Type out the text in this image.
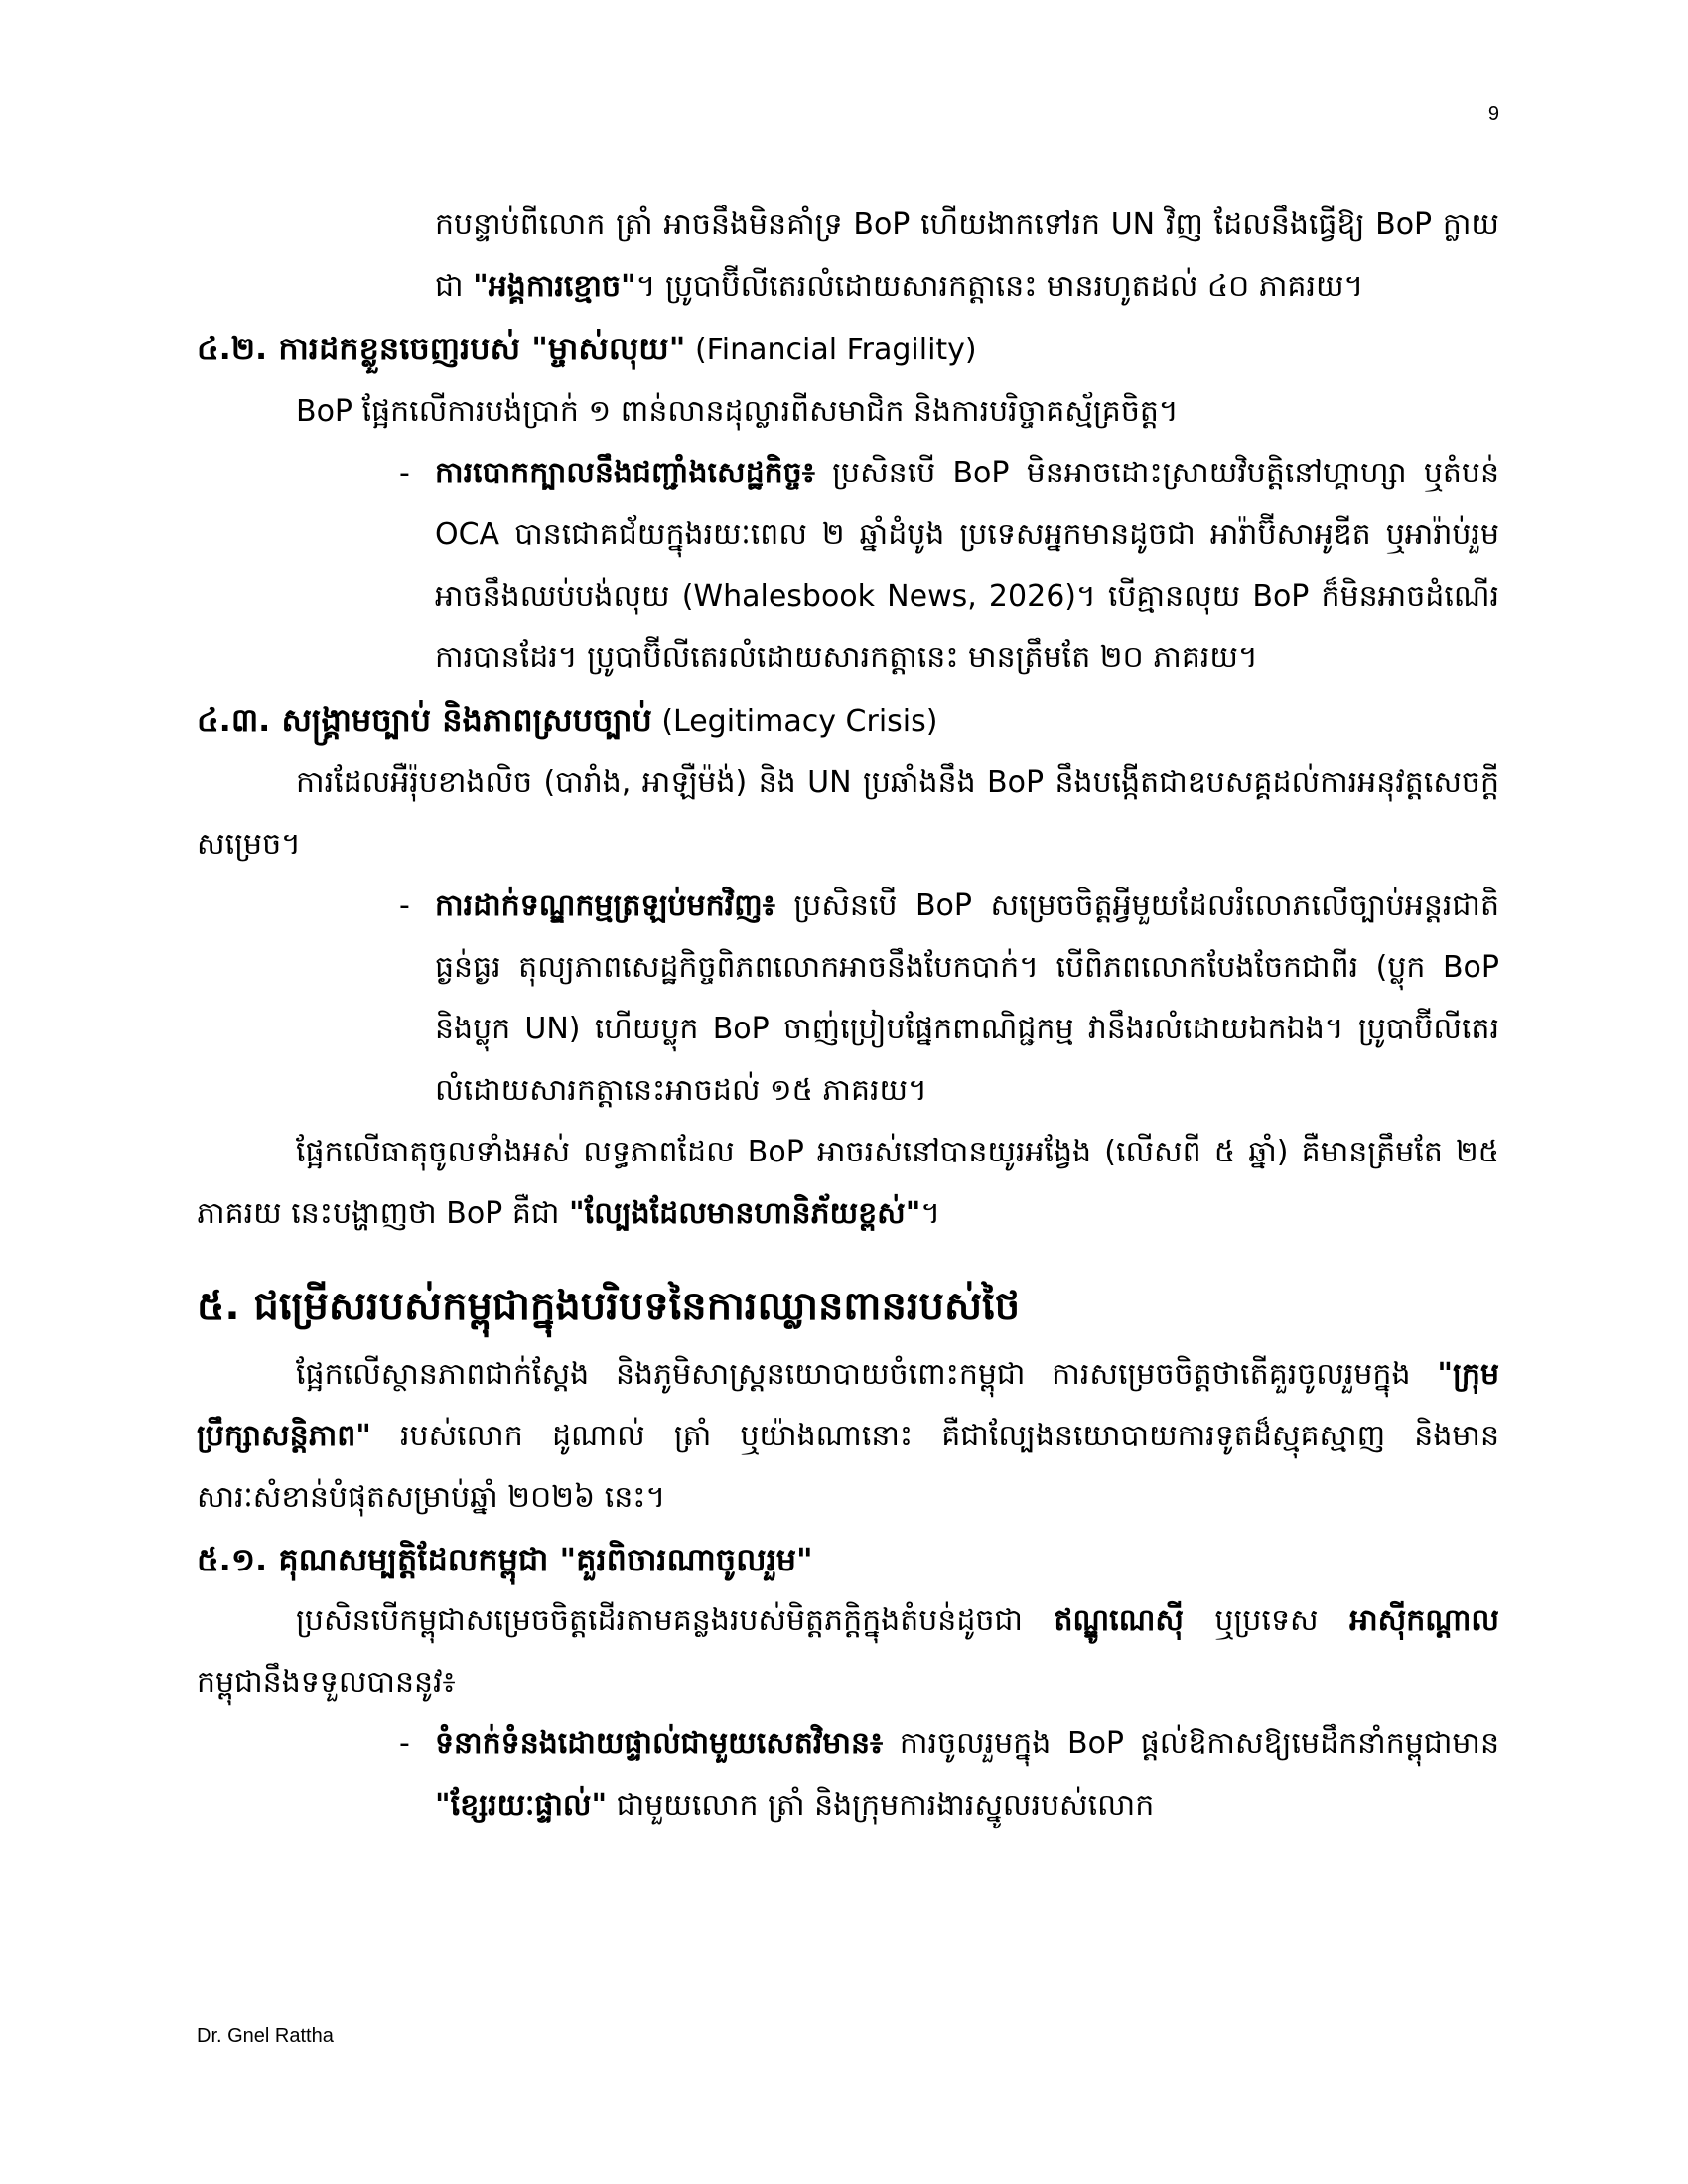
9

កបន្ទាប់ពីលោក ត្រាំ អាចនឹងមិនគាំទ្រ BoP ហើយងាកទៅរក UN វិញ ដែលនឹងធ្វើឱ្យ BoP ក្លាយជា "អង្គការខ្មោច"។ ប្រូបាប៊ីលីតេរលំដោយសារកត្តានេះ មានរហូតដល់ ៤០ ភាគរយ។

៤.២. ការដកខ្លួនចេញរបស់ "ម្ចាស់លុយ" (Financial Fragility)

BoP ផ្អែកលើការបង់ប្រាក់ ១ ពាន់លានដុល្លារពីសមាជិក និងការបរិច្ចាគស្ម័គ្រចិត្ត។

- ការបោកក្បាលនឹងជញ្ជាំងសេដ្ឋកិច្ច៖ ប្រសិនបើ BoP មិនអាចដោះស្រាយវិបត្តិនៅហ្គាហ្សា ឬតំបន់ OCA បានជោគជ័យក្នុងរយៈពេល ២ ឆ្នាំដំបូង ប្រទេសអ្នកមានដូចជា អារ៉ាប៊ីសាអូឌីត ឬអារ៉ាប់រួម អាចនឹងឈប់បង់លុយ (Whalesbook News, 2026)។ បើគ្មានលុយ BoP ក៏មិនអាចដំណើរការបានដែរ។ ប្រូបាប៊ីលីតេរលំដោយសារកត្តានេះ មានត្រឹមតែ ២០ ភាគរយ។
៤.៣. សង្គ្រាមច្បាប់ និងភាពស្របច្បាប់ (Legitimacy Crisis)

ការដែលអឺរ៉ុបខាងលិច (បារាំង, អាឡឺម៉ង់) និង UN ប្រឆាំងនឹង BoP នឹងបង្កើតជាឧបសគ្គដល់ការអនុវត្តសេចក្តីសម្រេច។

- ការដាក់ទណ្ឌកម្មត្រឡប់មកវិញ៖ ប្រសិនបើ BoP សម្រេចចិត្តអ្វីមួយដែលរំលោភលើច្បាប់អន្តរជាតិធ្ងន់ធ្ងរ តុល្យភាពសេដ្ឋកិច្ចពិភពលោកអាចនឹងបែកបាក់។ បើពិភពលោកបែងចែកជាពីរ (ប្លុក BoP និងប្លុក UN) ហើយប្លុក BoP ចាញ់ប្រៀបផ្នែកពាណិជ្ជកម្ម វានឹងរលំដោយឯកឯង។ ប្រូបាប៊ីលីតេរលំដោយសារកត្តានេះអាចដល់ ១៥ ភាគរយ។

ផ្អែកលើធាតុចូលទាំងអស់ លទ្ធភាពដែល BoP អាចរស់នៅបានយូរអង្វែង (លើសពី ៥ ឆ្នាំ) គឺមានត្រឹមតែ ២៥ ភាគរយ នេះបង្ហាញថា BoP គឺជា "ល្បែងដែលមានហានិភ័យខ្ពស់"។

៥. ជម្រើសរបស់កម្ពុជាក្នុងបរិបទនៃការឈ្លានពានរបស់ថៃ

ផ្អែកលើស្ថានភាពជាក់ស្តែង និងភូមិសាស្ត្រនយោបាយចំពោះកម្ពុជា ការសម្រេចចិត្តថាតើគួរចូលរួមក្នុង "ក្រុមប្រឹក្សាសន្តិភាព" របស់លោក ដូណាល់ ត្រាំ ឬយ៉ាងណានោះ គឺជាល្បែងនយោបាយការទូតដ៏ស្មុគស្មាញ និងមានសារៈសំខាន់បំផុតសម្រាប់ឆ្នាំ ២០២៦ នេះ។

៥.១. គុណសម្បត្តិដែលកម្ពុជា "គួរពិចារណាចូលរួម"

ប្រសិនបើកម្ពុជាសម្រេចចិត្តដើរតាមគន្លងរបស់មិត្តភក្តិក្នុងតំបន់ដូចជា ឥណ្ឌូណេស៊ី ឬប្រទេស អាស៊ីកណ្តាល កម្ពុជានឹងទទួលបាននូវ៖

- ទំនាក់ទំនងដោយផ្ទាល់ជាមួយសេតវិមាន៖ ការចូលរួមក្នុង BoP ផ្តល់ឱកាសឱ្យមេដឹកនាំកម្ពុជាមាន "ខ្សែរយៈផ្ទាល់" ជាមួយលោក ត្រាំ និងក្រុមការងារស្នូលរបស់លោក
Dr. Gnel Rattha
